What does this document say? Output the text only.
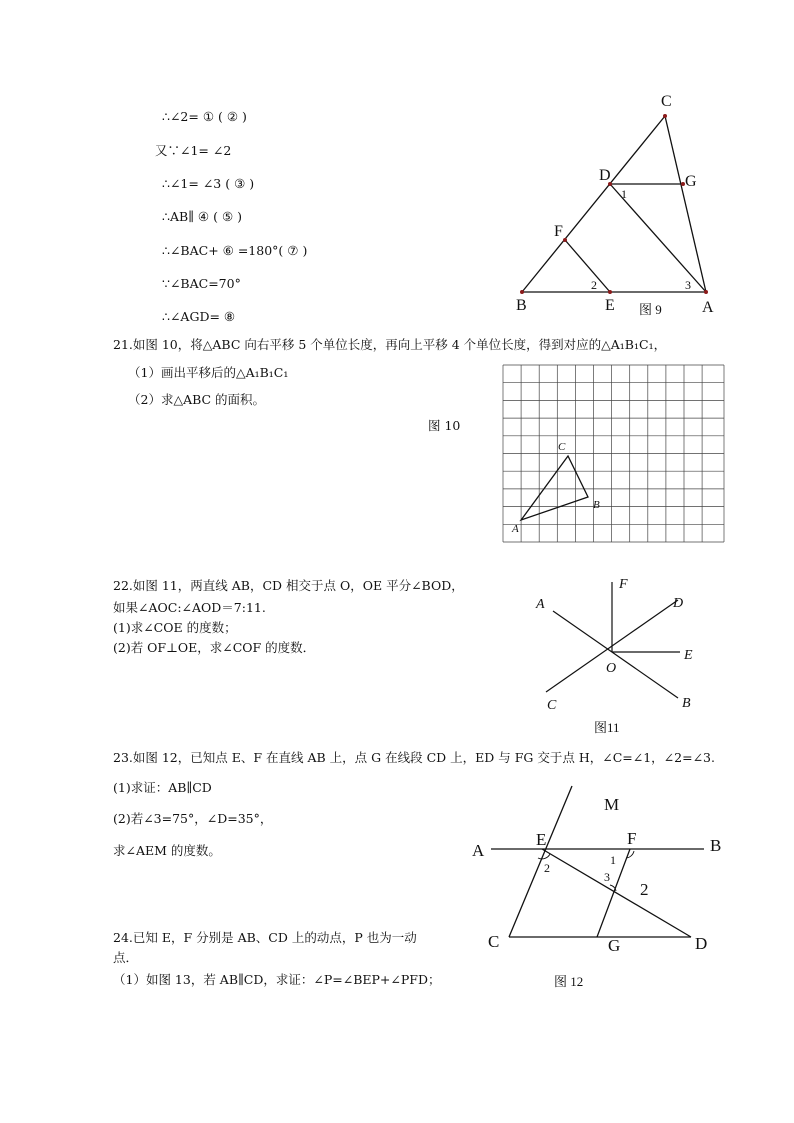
∴∠2= ① ( ② )
又∵∠1= ∠2
∴∠1= ∠3 ( ③ )
∴AB∥ ④ ( ⑤ )
∴∠BAC+ ⑥ =180°( ⑦ )
∵∠BAC=70°
∴∠AGD= ⑧
C
D	G
F
B	E	A
1
2	3
图 9
21.如图 10，将△ABC 向右平移 5 个单位长度，再向上平移 4 个单位长度，得到对应的△A₁B₁C₁，
（1）画出平移后的△A₁B₁C₁
（2）求△ABC 的面积。
图 10
C
B
A
22.如图 11，两直线 AB，CD 相交于点 O，OE 平分∠BOD，
如果∠AOC:∠AOD＝7:11.
(1)求∠COE 的度数；
(2)若 OF⊥OE，求∠COF 的度数．
F
A	D
E
O
C	B
图11
23.如图 12，已知点 E、F 在直线 AB 上，点 G 在线段 CD 上，ED 与 FG 交于点 H，∠C=∠1，∠2=∠3.
(1)求证：AB∥CD
(2)若∠3=75°，∠D=35°，
求∠AEM 的度数。
M
A
E	F	B
2
C	G	D
1
2
3
图 12
24.已知 E，F 分别是 AB、CD 上的动点，P 也为一动
点．
（1）如图 13，若 AB∥CD，求证：∠P=∠BEP+∠PFD；
